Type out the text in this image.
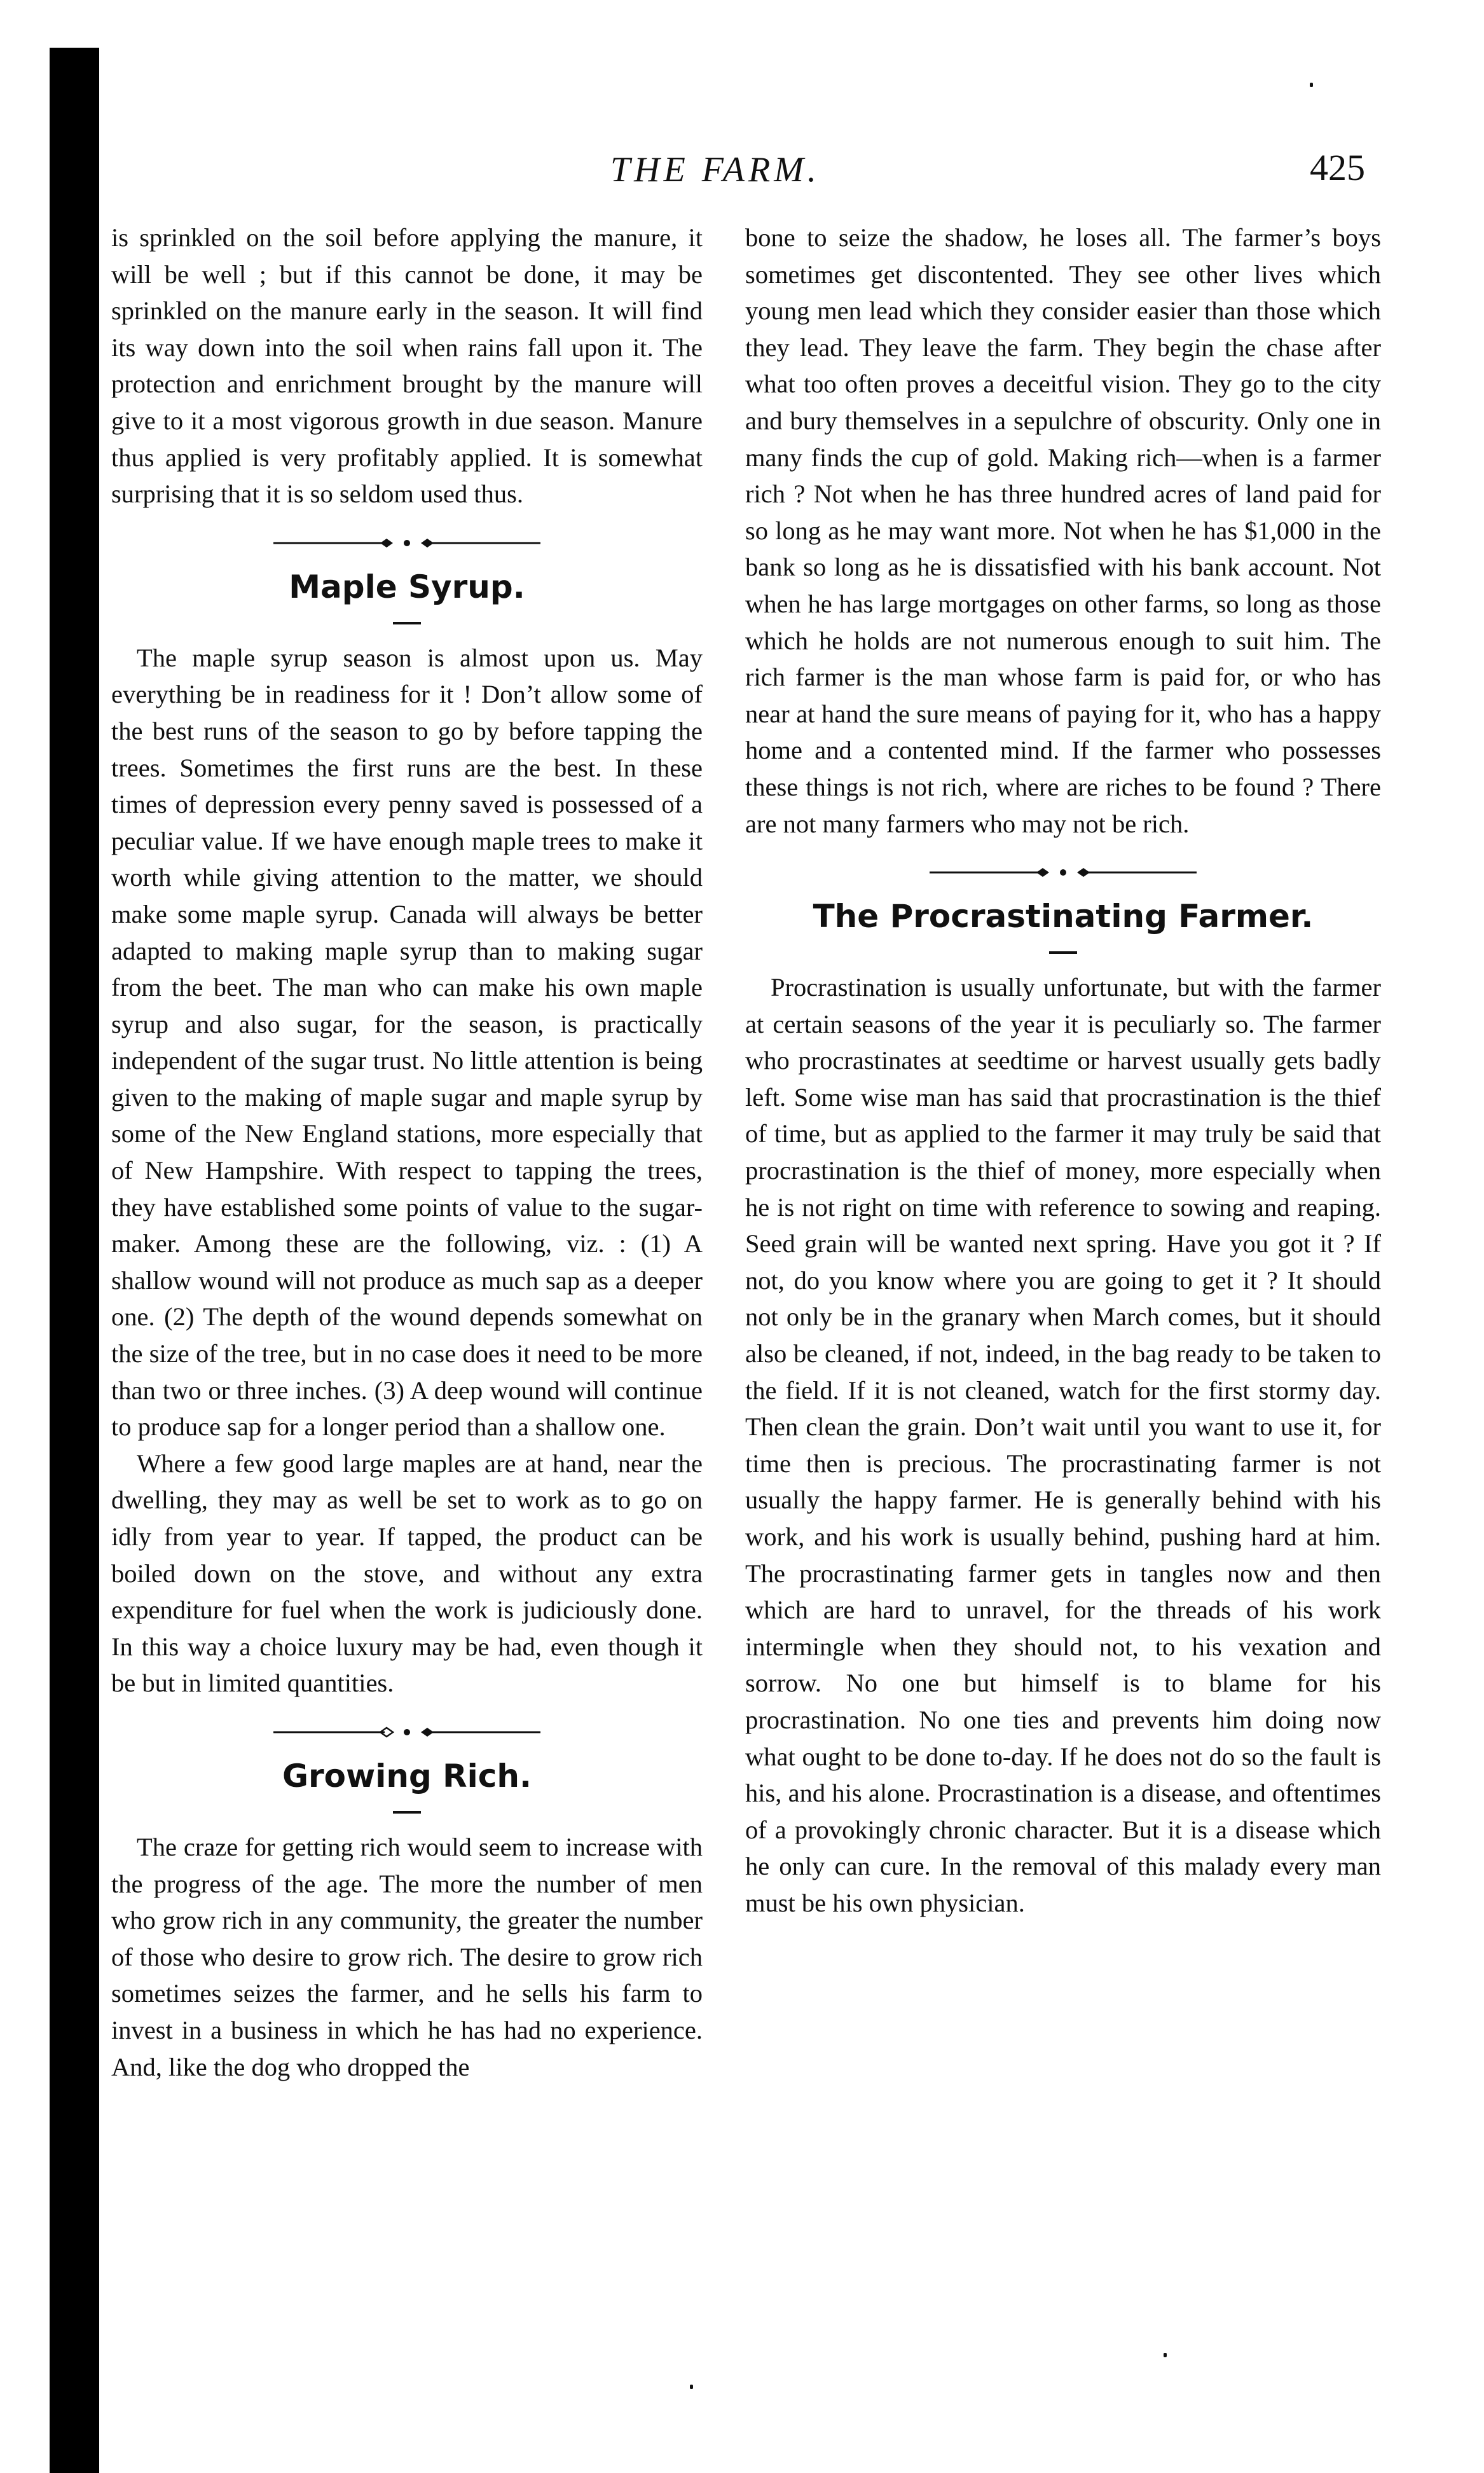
THE FARM.	425

is sprinkled on the soil before applying the manure, it will be well ; but if this cannot be done, it may be sprinkled on the manure early in the season. It will find its way down into the soil when rains fall upon it. The protection and enrichment brought by the manure will give to it a most vigorous growth in due season. Manure thus applied is very profitably applied. It is somewhat surprising that it is so seldom used thus.

Maple Syrup.

The maple syrup season is almost upon us. May everything be in readiness for it ! Don’t allow some of the best runs of the season to go by before tapping the trees. Sometimes the first runs are the best. In these times of depression every penny saved is possessed of a peculiar value. If we have enough maple trees to make it worth while giving attention to the matter, we should make some maple syrup. Canada will always be better adapted to making maple syrup than to making sugar from the beet. The man who can make his own maple syrup and also sugar, for the season, is practically independent of the sugar trust. No little attention is being given to the making of maple sugar and maple syrup by some of the New England stations, more especially that of New Hampshire. With respect to tapping the trees, they have established some points of value to the sugar-maker. Among these are the following, viz. : (1) A shallow wound will not produce as much sap as a deeper one. (2) The depth of the wound depends somewhat on the size of the tree, but in no case does it need to be more than two or three inches. (3) A deep wound will continue to produce sap for a longer period than a shallow one.

Where a few good large maples are at hand, near the dwelling, they may as well be set to work as to go on idly from year to year. If tapped, the product can be boiled down on the stove, and without any extra expenditure for fuel when the work is judiciously done. In this way a choice luxury may be had, even though it be but in limited quantities.

Growing Rich.

The craze for getting rich would seem to increase with the progress of the age. The more the number of men who grow rich in any community, the greater the number of those who desire to grow rich. The desire to grow rich sometimes seizes the farmer, and he sells his farm to invest in a business in which he has had no experience. And, like the dog who dropped the

bone to seize the shadow, he loses all. The farmer’s boys sometimes get discontented. They see other lives which young men lead which they consider easier than those which they lead. They leave the farm. They begin the chase after what too often proves a deceitful vision. They go to the city and bury themselves in a sepulchre of obscurity. Only one in many finds the cup of gold. Making rich—when is a farmer rich ? Not when he has three hundred acres of land paid for so long as he may want more. Not when he has $1,000 in the bank so long as he is dissatisfied with his bank account. Not when he has large mortgages on other farms, so long as those which he holds are not numerous enough to suit him. The rich farmer is the man whose farm is paid for, or who has near at hand the sure means of paying for it, who has a happy home and a contented mind. If the farmer who possesses these things is not rich, where are riches to be found ? There are not many farmers who may not be rich.

The Procrastinating Farmer.

Procrastination is usually unfortunate, but with the farmer at certain seasons of the year it is peculiarly so. The farmer who procrastinates at seedtime or harvest usually gets badly left. Some wise man has said that procrastination is the thief of time, but as applied to the farmer it may truly be said that procrastination is the thief of money, more especially when he is not right on time with reference to sowing and reaping. Seed grain will be wanted next spring. Have you got it ? If not, do you know where you are going to get it ? It should not only be in the granary when March comes, but it should also be cleaned, if not, indeed, in the bag ready to be taken to the field. If it is not cleaned, watch for the first stormy day. Then clean the grain. Don’t wait until you want to use it, for time then is precious. The procrastinating farmer is not usually the happy farmer. He is generally behind with his work, and his work is usually behind, pushing hard at him. The procrastinating farmer gets in tangles now and then which are hard to unravel, for the threads of his work intermingle when they should not, to his vexation and sorrow. No one but himself is to blame for his procrastination. No one ties and prevents him doing now what ought to be done to-day. If he does not do so the fault is his, and his alone. Procrastination is a disease, and oftentimes of a provokingly chronic character. But it is a disease which he only can cure. In the removal of this malady every man must be his own physician.
